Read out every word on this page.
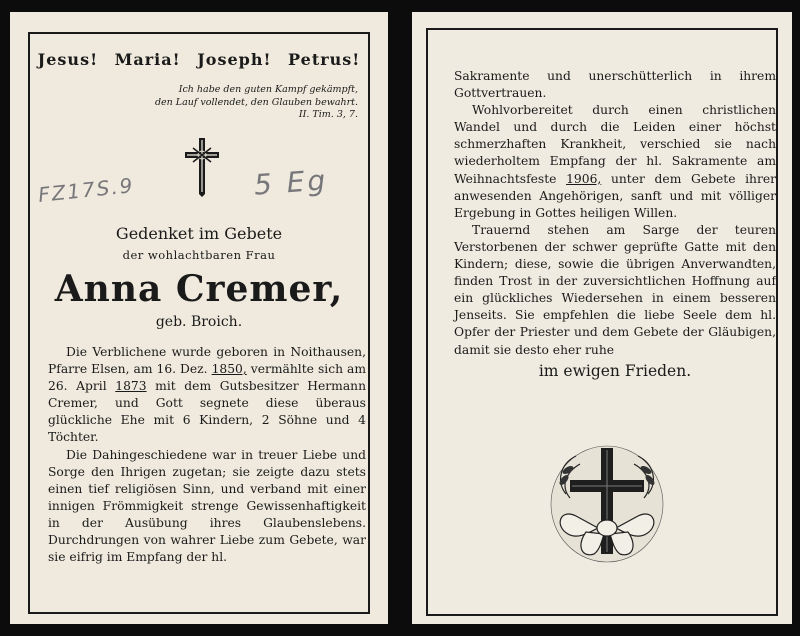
Jesus! Maria! Joseph! Petrus!
Ich habe den guten Kampf gekämpft,
den Lauf vollendet, den Glauben bewahrt.
II. Tim. 3, 7.
FZ17S.9	5 Eg
Gedenket im Gebete
der wohlachtbaren Frau
Anna Cremer,
geb. Broich.

Die Verblichene wurde geboren in Noithausen, Pfarre Elsen, am 16. Dez. 1850, vermählte sich am 26. April 1873 mit dem Gutsbesitzer Hermann Cremer, und Gott segnete diese überaus glückliche Ehe mit 6 Kindern, 2 Söhne und 4 Töchter.

Die Dahingeschiedene war in treuer Liebe und Sorge den Ihrigen zugetan; sie zeigte dazu stets einen tief religiösen Sinn, und verband mit einer innigen Frömmigkeit strenge Gewissenhaftigkeit in der Ausübung ihres Glaubenslebens. Durchdrungen von wahrer Liebe zum Gebete, war sie eifrig im Empfang der hl.

Sakramente und unerschütterlich in ihrem Gottvertrauen.

Wohlvorbereitet durch einen christlichen Wandel und durch die Leiden einer höchst schmerzhaften Krankheit, verschied sie nach wiederholtem Empfang der hl. Sakramente am Weihnachtsfeste 1906, unter dem Gebete ihrer anwesenden Angehörigen, sanft und mit völliger Ergebung in Gottes heiligen Willen.

Trauernd stehen am Sarge der teuren Verstorbenen der schwer geprüfte Gatte mit den Kindern; diese, sowie die übrigen Anverwandten, finden Trost in der zuversichtlichen Hoffnung auf ein glückliches Wiedersehen in einem besseren Jenseits. Sie empfehlen die liebe Seele dem hl. Opfer der Priester und dem Gebete der Gläubigen, damit sie desto eher ruhe

im ewigen Frieden.
